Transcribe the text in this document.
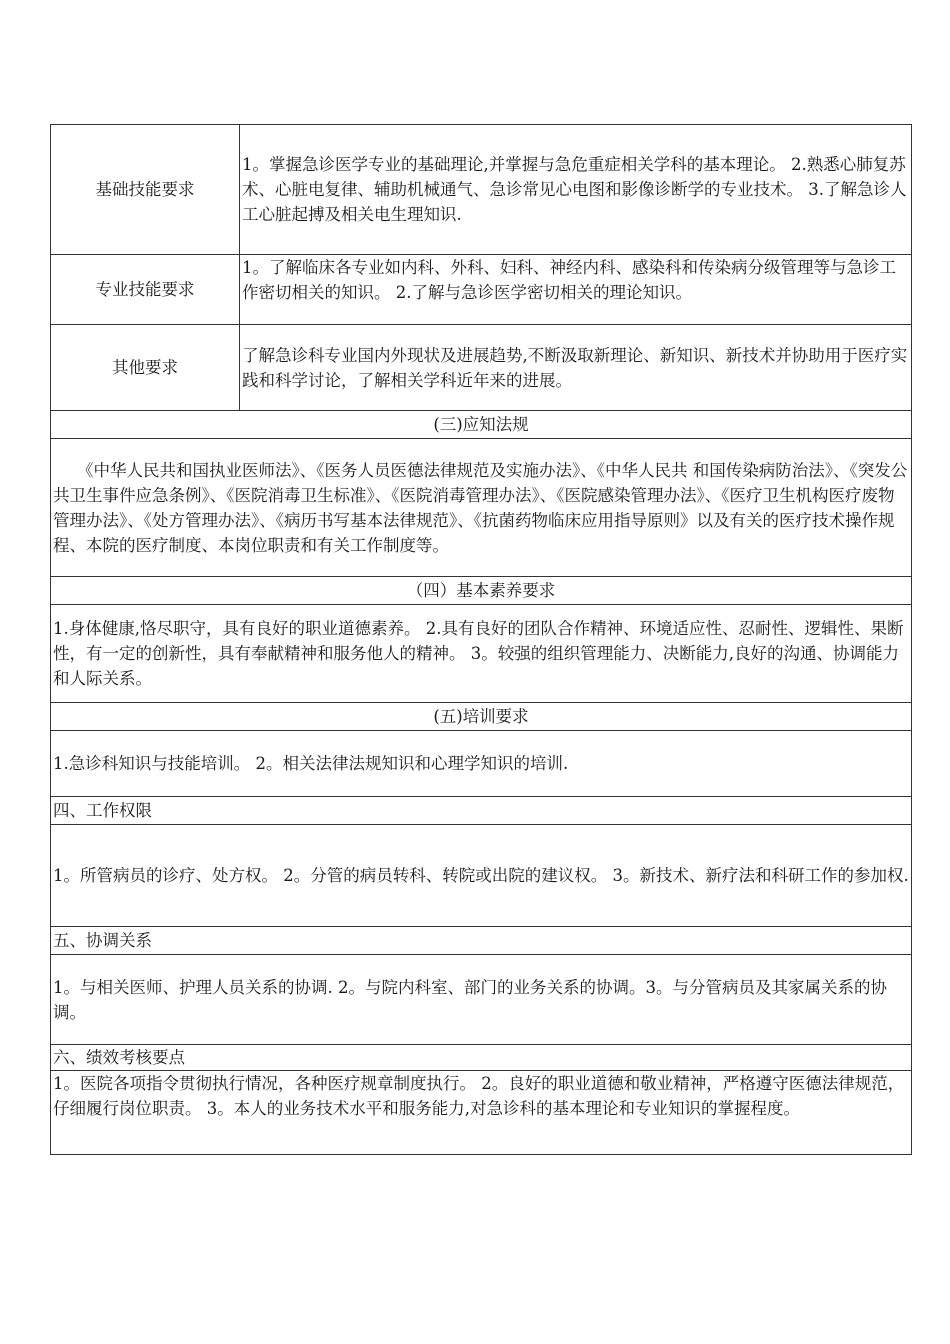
基础技能要求	1。掌握急诊医学专业的基础理论,并掌握与急危重症相关学科的基本理论。 2.熟悉心肺复苏术、心脏电复律、辅助机械通气、急诊常见心电图和影像诊断学的专业技术。 3.了解急诊人工心脏起搏及相关电生理知识.
专业技能要求	1。了解临床各专业如内科、外科、妇科、神经内科、感染科和传染病分级管理等与急诊工作密切相关的知识。 2.了解与急诊医学密切相关的理论知识。
其他要求	了解急诊科专业国内外现状及进展趋势,不断汲取新理论、新知识、新技术并协助用于医疗实践和科学讨论，了解相关学科近年来的进展。
(三)应知法规	
《中华人民共和国执业医师法》、《医务人员医德法律规范及实施办法》、《中华人民共 和国传染病防治法》、《突发公共卫生事件应急条例》、《医院消毒卫生标准》、《医院消毒管理办法》、《医院感染管理办法》、《医疗卫生机构医疗废物管理办法》、《处方管理办法》、《病历书写基本法律规范》、《抗菌药物临床应用指导原则》以及有关的医疗技术操作规程、本院的医疗制度、本岗位职责和有关工作制度等。	
（四）基本素养要求	
1.身体健康,恪尽职守，具有良好的职业道德素养。 2.具有良好的团队合作精神、环境适应性、忍耐性、逻辑性、果断性，有一定的创新性，具有奉献精神和服务他人的精神。 3。较强的组织管理能力、决断能力,良好的沟通、协调能力和人际关系。	
(五)培训要求	
1.急诊科知识与技能培训。 2。相关法律法规知识和心理学知识的培训.	
四、工作权限	
1。所管病员的诊疗、处方权。 2。分管的病员转科、转院或出院的建议权。 3。新技术、新疗法和科研工作的参加权.	
五、协调关系	
1。与相关医师、护理人员关系的协调. 2。与院内科室、部门的业务关系的协调。3。与分管病员及其家属关系的协调。	
六、绩效考核要点	
1。医院各项指令贯彻执行情况，各种医疗规章制度执行。 2。良好的职业道德和敬业精神，严格遵守医德法律规范，仔细履行岗位职责。 3。本人的业务技术水平和服务能力,对急诊科的基本理论和专业知识的掌握程度。	
